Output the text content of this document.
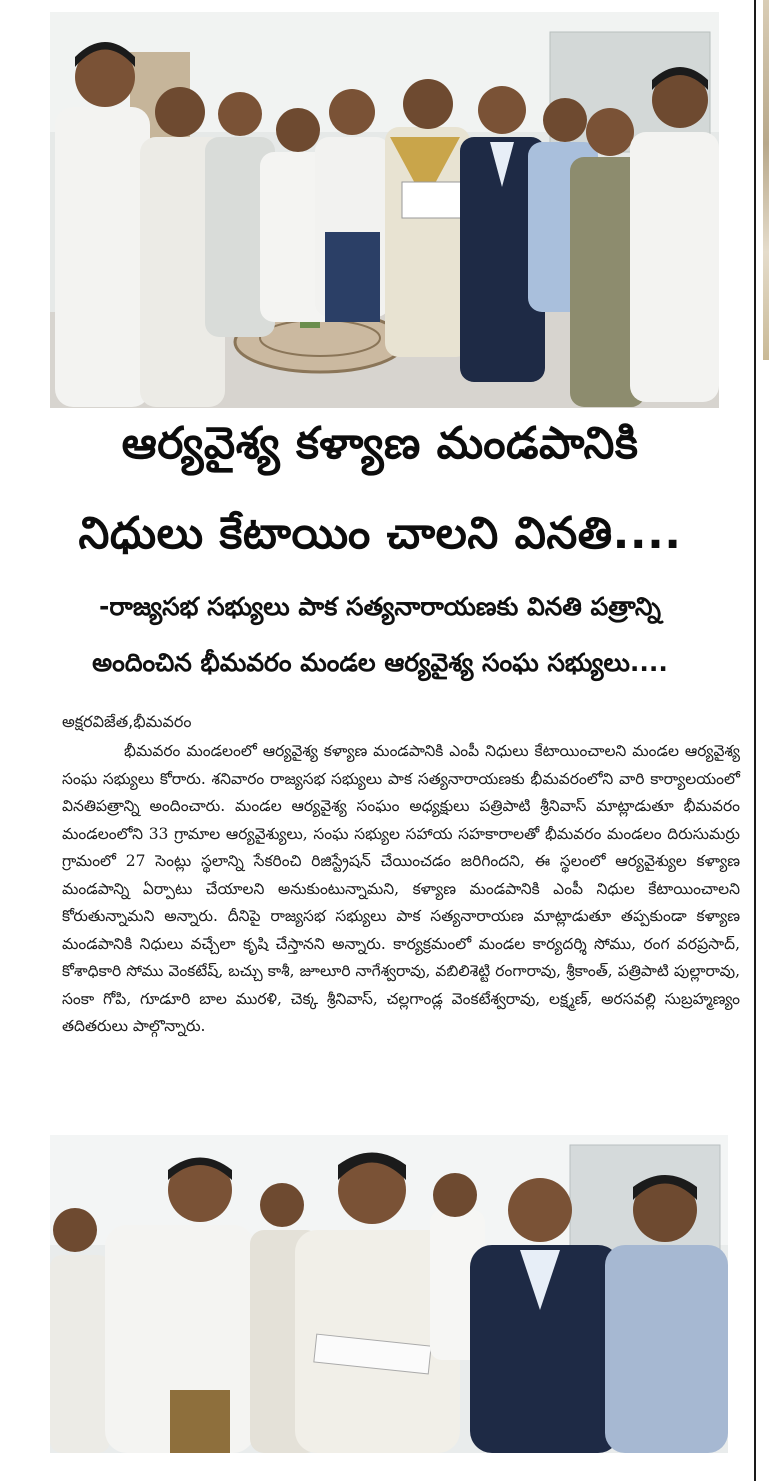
ఆర్యవైశ్య కళ్యాణ మండపానికి
నిధులు కేటాయిం చాలని వినతి....
-రాజ్యసభ సభ్యులు పాక సత్యనారాయణకు వినతి పత్రాన్ని
అందించిన భీమవరం మండల ఆర్యవైశ్య సంఘ సభ్యులు....
అక్షరవిజేత,భీమవరం

భీమవరం మండలంలో ఆర్యవైశ్య కళ్యాణ మండపానికి ఎంపీ నిధులు కేటాయించాలని మండల ఆర్యవైశ్య సంఘ సభ్యులు కోరారు. శనివారం రాజ్యసభ సభ్యులు పాక సత్యనారాయణకు భీమవరంలోని వారి కార్యాలయంలో వినతిపత్రాన్ని అందించారు. మండల ఆర్యవైశ్య సంఘం అధ్యక్షులు పత్రిపాటి శ్రీనివాస్ మాట్లాడుతూ భీమవరం మండలంలోని 33 గ్రామాల ఆర్యవైశ్యులు, సంఘ సభ్యుల సహాయ సహకారాలతో భీమవరం మండలం దిరుసుమర్రు గ్రామంలో 27 సెంట్లు స్థలాన్ని సేకరించి రిజిస్ట్రేషన్ చేయించడం జరిగిందని, ఈ స్థలంలో ఆర్యవైశ్యుల కళ్యాణ మండపాన్ని ఏర్పాటు చేయాలని అనుకుంటున్నామని, కళ్యాణ మండపానికి ఎంపీ నిధుల కేటాయించాలని కోరుతున్నామని అన్నారు. దీనిపై రాజ్యసభ సభ్యులు పాక సత్యనారాయణ మాట్లాడుతూ తప్పకుండా కళ్యాణ మండపానికి నిధులు వచ్చేలా కృషి చేస్తానని అన్నారు. కార్యక్రమంలో మండల కార్యదర్శి సోము, రంగ వరప్రసాద్, కోశాధికారి సోము వెంకటేష్, బచ్చు కాశీ, జూలూరి నాగేశ్వరావు, వబిలిశెట్టి రంగారావు, శ్రీకాంత్, పత్రిపాటి పుల్లారావు, సంకా గోపి, గూడూరి బాల మురళి, చెక్క శ్రీనివాస్, చల్లగాండ్ల వెంకటేశ్వరావు, లక్ష్మణ్, అరసవల్లి సుబ్రహ్మణ్యం తదితరులు పాల్గొన్నారు.
